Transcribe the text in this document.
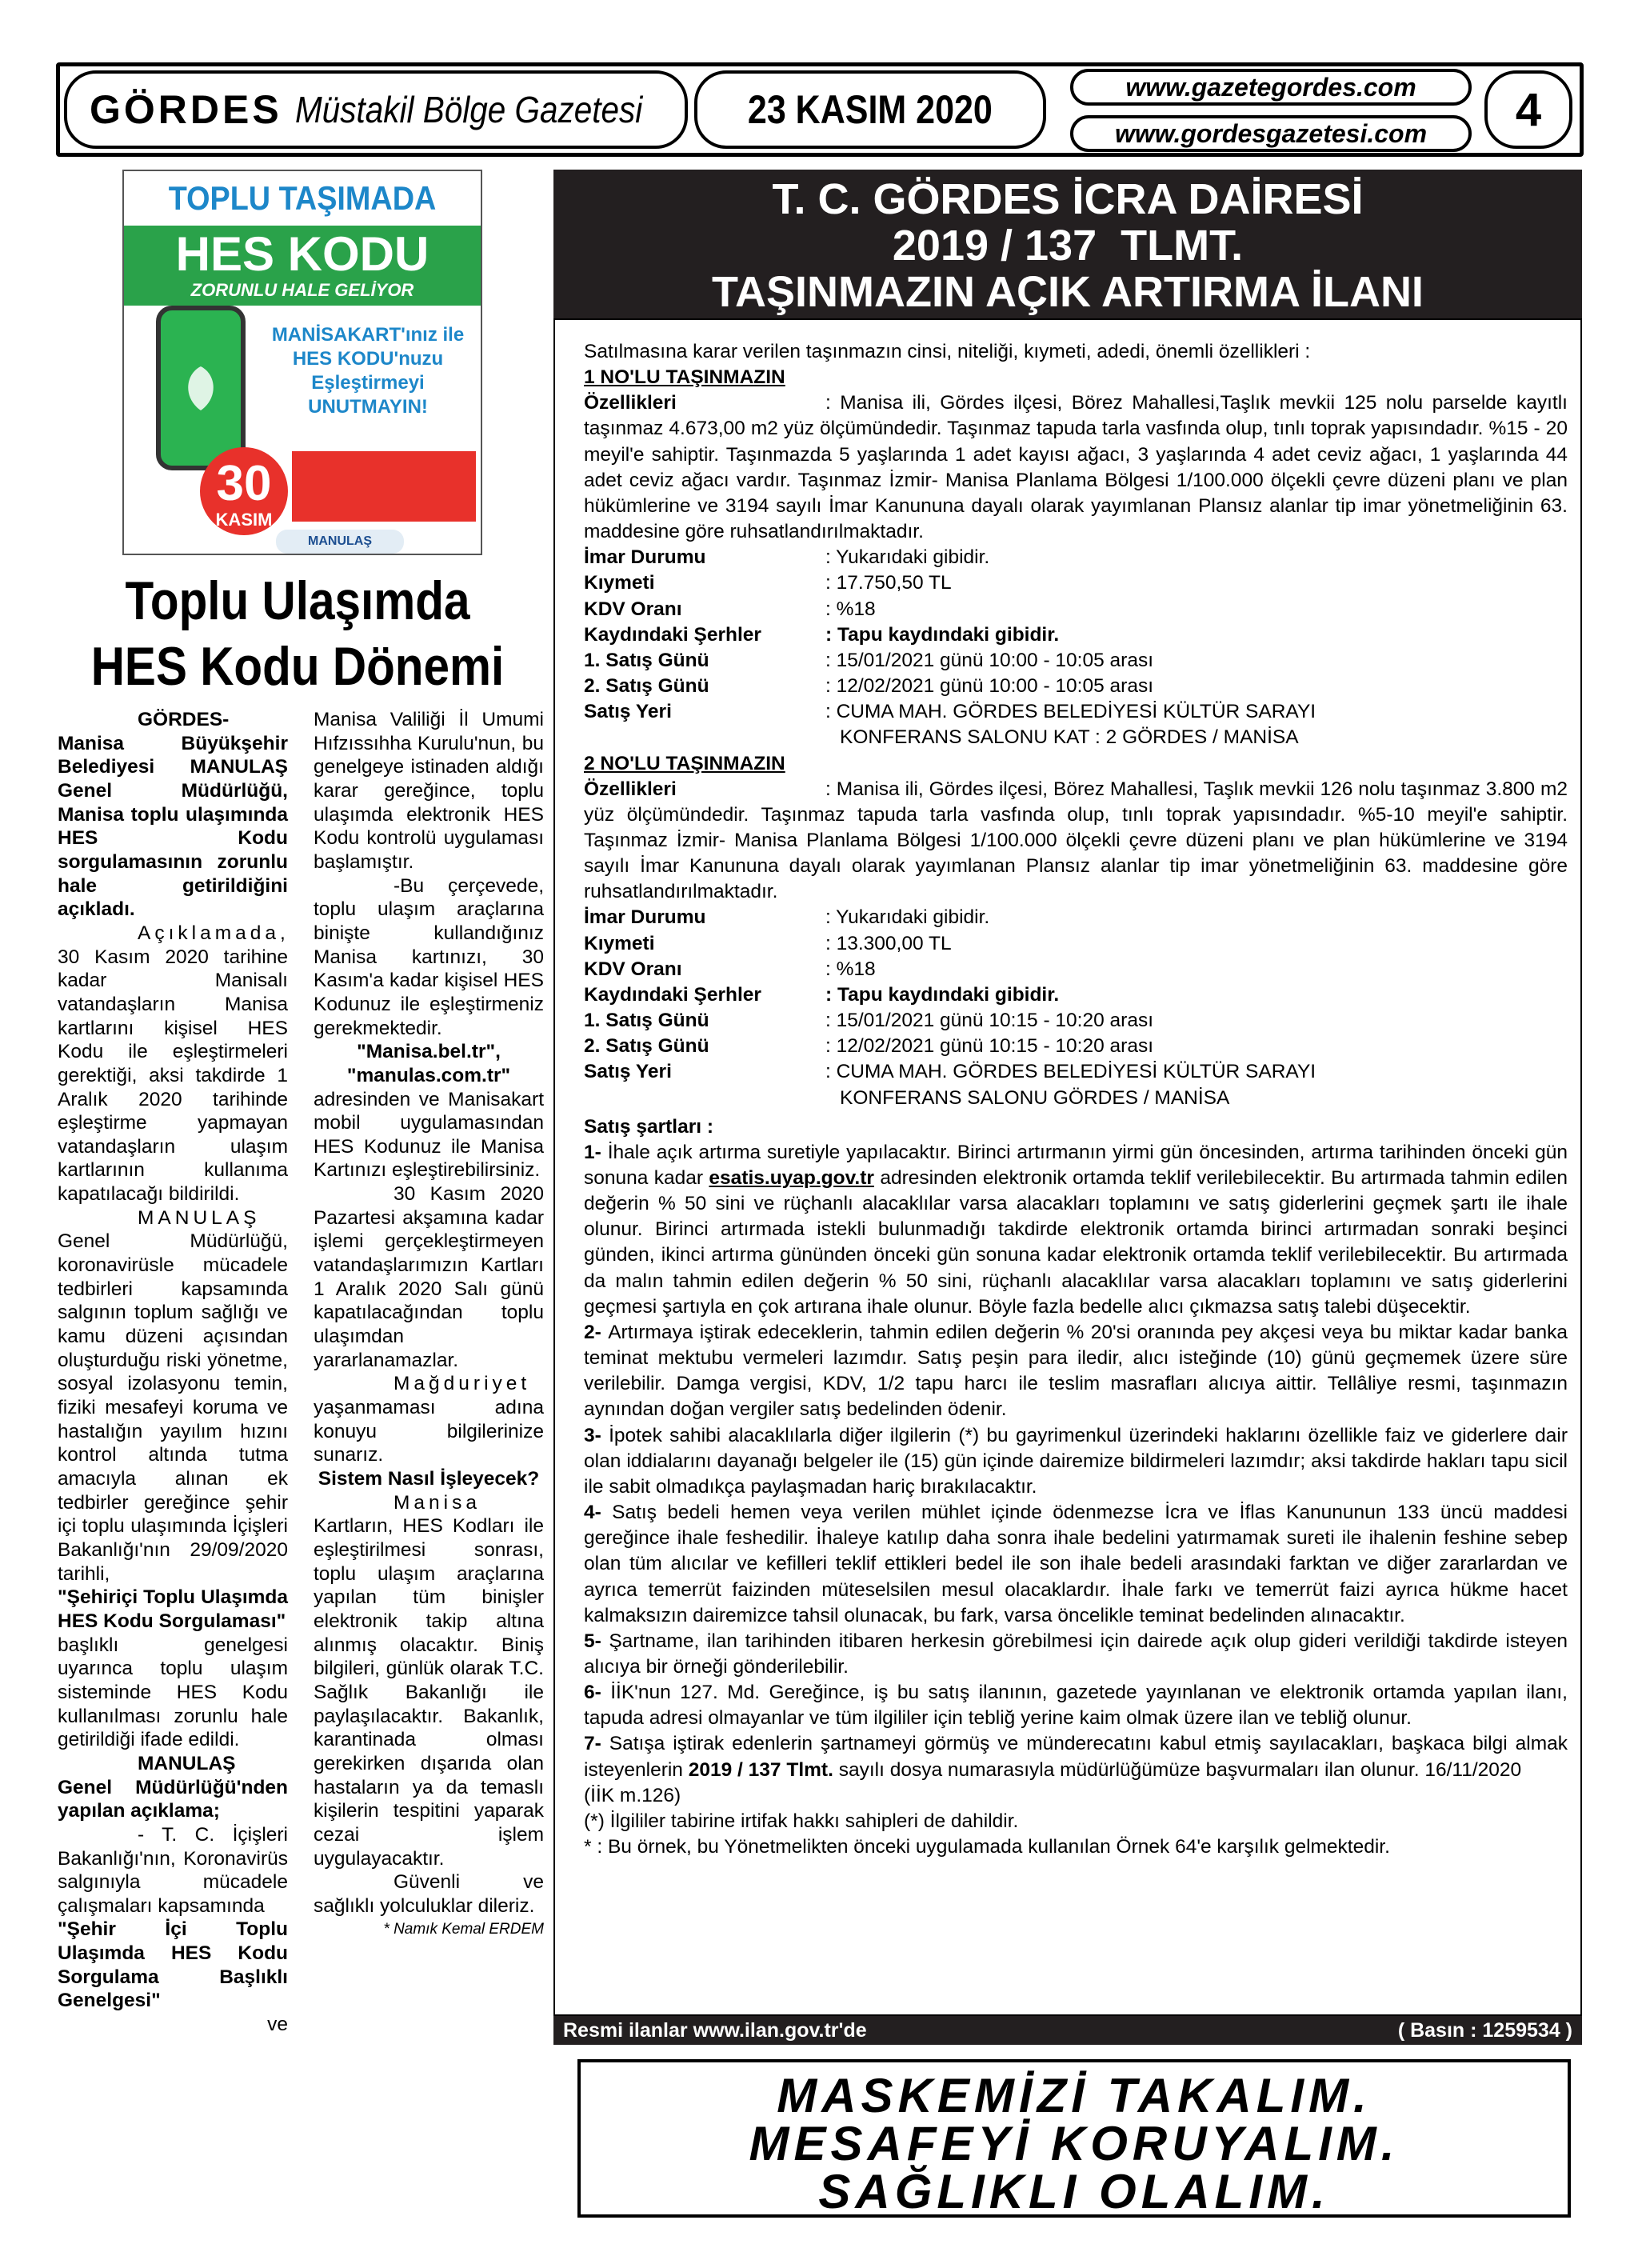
GÖRDES Müstakil Bölge Gazetesi	23 KASIM 2020
www.gazetegordes.com
www.gordesgazetesi.com	4
TOPLU TAŞIMADA
HES KODU
ZORUNLU HALE GELİYOR
MANİSAKART'ınız ile HES KODU'nuzu Eşleştirmeyi UNUTMAYIN!
30
KASIM
MANULAŞ
Toplu Ulaşımda
HES Kodu Dönemi

GÖRDES- Manisa Büyükşehir Belediyesi MANULAŞ Genel Müdürlüğü, Manisa toplu ulaşımında HES Kodu sorgulamasının zorunlu hale getirildiğini açıkladı.

Açıklamada,

30 Kasım 2020 tarihine kadar Manisalı vatandaşların Manisa kartlarını kişisel HES Kodu ile eşleştirmeleri gerektiği, aksi takdirde 1 Aralık 2020 tarihinde eşleştirme yapmayan vatandaşların ulaşım kartlarının kullanıma kapatılacağı bildirildi.

MANULAŞ

Genel Müdürlüğü, koronavirüsle mücadele tedbirleri kapsamında salgının toplum sağlığı ve kamu düzeni açısından oluşturduğu riski yönetme, sosyal izolasyonu temin, fiziki mesafeyi koruma ve hastalığın yayılım hızını kontrol altında tutma amacıyla alınan ek tedbirler gereğince şehir içi toplu ulaşımında İçişleri Bakanlığı'nın 29/09/2020 tarihli,

"Şehiriçi Toplu Ulaşımda HES Kodu Sorgulaması"

başlıklı genelgesi uyarınca toplu ulaşım sisteminde HES Kodu kullanılması zorunlu hale getirildiği ifade edildi.

MANULAŞ Genel Müdürlüğü'nden yapılan açıklama;

- T. C. İçişleri Bakanlığı'nın, Koronavirüs salgınıyla mücadele çalışmaları kapsamında

"Şehir İçi Toplu Ulaşımda HES Kodu Sorgulama Başlıklı Genelgesi"

ve

Manisa Valiliği İl Umumi Hıfzıssıhha Kurulu'nun, bu genelgeye istinaden aldığı karar gereğince, toplu ulaşımda elektronik HES Kodu kontrolü uygulaması başlamıştır.

-Bu çerçevede, toplu ulaşım araçlarına binişte kullandığınız Manisa kartınızı, 30 Kasım'a kadar kişisel HES Kodunuz ile eşleştirmeniz gerekmektedir.

"Manisa.bel.tr", "manulas.com.tr"

adresinden ve Manisakart mobil uygulamasından HES Kodunuz ile Manisa Kartınızı eşleştirebilirsiniz.

30 Kasım 2020 Pazartesi akşamına kadar işlemi gerçekleştirmeyen vatandaşlarımızın Kartları 1 Aralık 2020 Salı günü kapatılacağından toplu ulaşımdan yararlanamazlar.

Mağduriyet

yaşanmaması adına konuyu bilgilerinize sunarız.

Sistem Nasıl İşleyecek?

Manisa

Kartların, HES Kodları ile eşleştirilmesi sonrası, toplu ulaşım araçlarına yapılan tüm binişler elektronik takip altına alınmış olacaktır. Biniş bilgileri, günlük olarak T.C. Sağlık Bakanlığı ile paylaşılacaktır. Bakanlık, karantinada olması gerekirken dışarıda olan hastaların ya da temaslı kişilerin tespitini yaparak cezai işlem uygulayacaktır.

Güvenli ve sağlıklı yolculuklar dileriz.

* Namık Kemal ERDEM

T. C. GÖRDES İCRA DAİRESİ
2019 / 137  TLMT.
TAŞINMAZIN AÇIK ARTIRMA İLANI

Satılmasına karar verilen taşınmazın cinsi, niteliği, kıymeti, adedi, önemli özellikleri :

1 NO'LU TAŞINMAZIN

Özellikleri	: Manisa ili, Gördes ilçesi, Börez Mahallesi,Taşlık mevkii 125 nolu parselde kayıtlı taşınmaz 4.673,00 m2 yüz ölçümündedir. Taşınmaz tapuda tarla vasfında olup, tınlı toprak yapısındadır. %15 - 20 meyil'e sahiptir. Taşınmazda 5 yaşlarında 1 adet kayısı ağacı, 3 yaşlarında 4 adet ceviz ağacı, 1 yaşlarında 44 adet ceviz ağacı vardır. Taşınmaz İzmir- Manisa Planlama Bölgesi 1/100.000 ölçekli çevre düzeni planı ve plan hükümlerine ve 3194 sayılı İmar Kanununa dayalı olarak yayımlanan Plansız alanlar tip imar yönetmeliğinin 63. maddesine göre ruhsatlandırılmaktadır.

İmar Durumu	: Yukarıdaki gibidir.
Kıymeti	: 17.750,50 TL
KDV Oranı	: %18
Kaydındaki Şerhler	: Tapu kaydındaki gibidir.
1. Satış Günü	: 15/01/2021 günü 10:00 - 10:05 arası
2. Satış Günü	: 12/02/2021 günü 10:00 - 10:05 arası
Satış Yeri	: CUMA MAH. GÖRDES BELEDİYESİ KÜLTÜR SARAYI
KONFERANS SALONU KAT : 2 GÖRDES / MANİSA

2 NO'LU TAŞINMAZIN

Özellikleri	: Manisa ili, Gördes ilçesi, Börez Mahallesi, Taşlık mevkii 126 nolu taşınmaz 3.800 m2 yüz ölçümündedir. Taşınmaz tapuda tarla vasfında olup, tınlı toprak yapısındadır. %5-10 meyil'e sahiptir. Taşınmaz İzmir- Manisa Planlama Bölgesi 1/100.000 ölçekli çevre düzeni planı ve plan hükümlerine ve 3194 sayılı İmar Kanununa dayalı olarak yayımlanan Plansız alanlar tip imar yönetmeliğinin 63. maddesine göre ruhsatlandırılmaktadır.

İmar Durumu	: Yukarıdaki gibidir.
Kıymeti	: 13.300,00 TL
KDV Oranı	: %18
Kaydındaki Şerhler	: Tapu kaydındaki gibidir.
1. Satış Günü	: 15/01/2021 günü 10:15 - 10:20 arası
2. Satış Günü	: 12/02/2021 günü 10:15 - 10:20 arası
Satış Yeri	: CUMA MAH. GÖRDES BELEDİYESİ KÜLTÜR SARAYI
KONFERANS SALONU GÖRDES / MANİSA

Satış şartları :

1- İhale açık artırma suretiyle yapılacaktır. Birinci artırmanın yirmi gün öncesinden, artırma tarihinden önceki gün sonuna kadar esatis.uyap.gov.tr adresinden elektronik ortamda teklif verilebilecektir. Bu artırmada tahmin edilen değerin % 50 sini ve rüçhanlı alacaklılar varsa alacakları toplamını ve satış giderlerini geçmek şartı ile ihale olunur. Birinci artırmada istekli bulunmadığı takdirde elektronik ortamda birinci artırmadan sonraki beşinci günden, ikinci artırma gününden önceki gün sonuna kadar elektronik ortamda teklif verilebilecektir. Bu artırmada da malın tahmin edilen değerin % 50 sini, rüçhanlı alacaklılar varsa alacakları toplamını ve satış giderlerini geçmesi şartıyla en çok artırana ihale olunur. Böyle fazla bedelle alıcı çıkmazsa satış talebi düşecektir.

2- Artırmaya iştirak edeceklerin, tahmin edilen değerin % 20'si oranında pey akçesi veya bu miktar kadar banka teminat mektubu vermeleri lazımdır. Satış peşin para iledir, alıcı isteğinde (10) günü geçmemek üzere süre verilebilir. Damga vergisi, KDV, 1/2 tapu harcı ile teslim masrafları alıcıya aittir. Tellâliye resmi, taşınmazın aynından doğan vergiler satış bedelinden ödenir.

3- İpotek sahibi alacaklılarla diğer ilgilerin (*) bu gayrimenkul üzerindeki haklarını özellikle faiz ve giderlere dair olan iddialarını dayanağı belgeler ile (15) gün içinde dairemize bildirmeleri lazımdır; aksi takdirde hakları tapu sicil ile sabit olmadıkça paylaşmadan hariç bırakılacaktır.

4- Satış bedeli hemen veya verilen mühlet içinde ödenmezse İcra ve İflas Kanununun 133 üncü maddesi gereğince ihale feshedilir. İhaleye katılıp daha sonra ihale bedelini yatırmamak sureti ile ihalenin feshine sebep olan tüm alıcılar ve kefilleri teklif ettikleri bedel ile son ihale bedeli arasındaki farktan ve diğer zararlardan ve ayrıca temerrüt faizinden müteselsilen mesul olacaklardır. İhale farkı ve temerrüt faizi ayrıca hükme hacet kalmaksızın dairemizce tahsil olunacak, bu fark, varsa öncelikle teminat bedelinden alınacaktır.

5- Şartname, ilan tarihinden itibaren herkesin görebilmesi için dairede açık olup gideri verildiği takdirde isteyen alıcıya bir örneği gönderilebilir.

6- İİK'nun 127. Md. Gereğince, iş bu satış ilanının, gazetede yayınlanan ve elektronik ortamda yapılan ilanı, tapuda adresi olmayanlar ve tüm ilgililer için tebliğ yerine kaim olmak üzere ilan ve tebliğ olunur.

7- Satışa iştirak edenlerin şartnameyi görmüş ve münderecatını kabul etmiş sayılacakları, başkaca bilgi almak isteyenlerin 2019 / 137 Tlmt. sayılı dosya numarasıyla müdürlüğümüze başvurmaları ilan olunur. 16/11/2020

(İİK m.126)

(*) İlgililer tabirine irtifak hakkı sahipleri de dahildir.

* : Bu örnek, bu Yönetmelikten önceki uygulamada kullanılan Örnek 64'e karşılık gelmektedir.

Resmi ilanlar www.ilan.gov.tr'de	( Basın : 1259534 )
MASKEMİZİ TAKALIM.
MESAFEYİ KORUYALIM.
SAĞLIKLI OLALIM.
